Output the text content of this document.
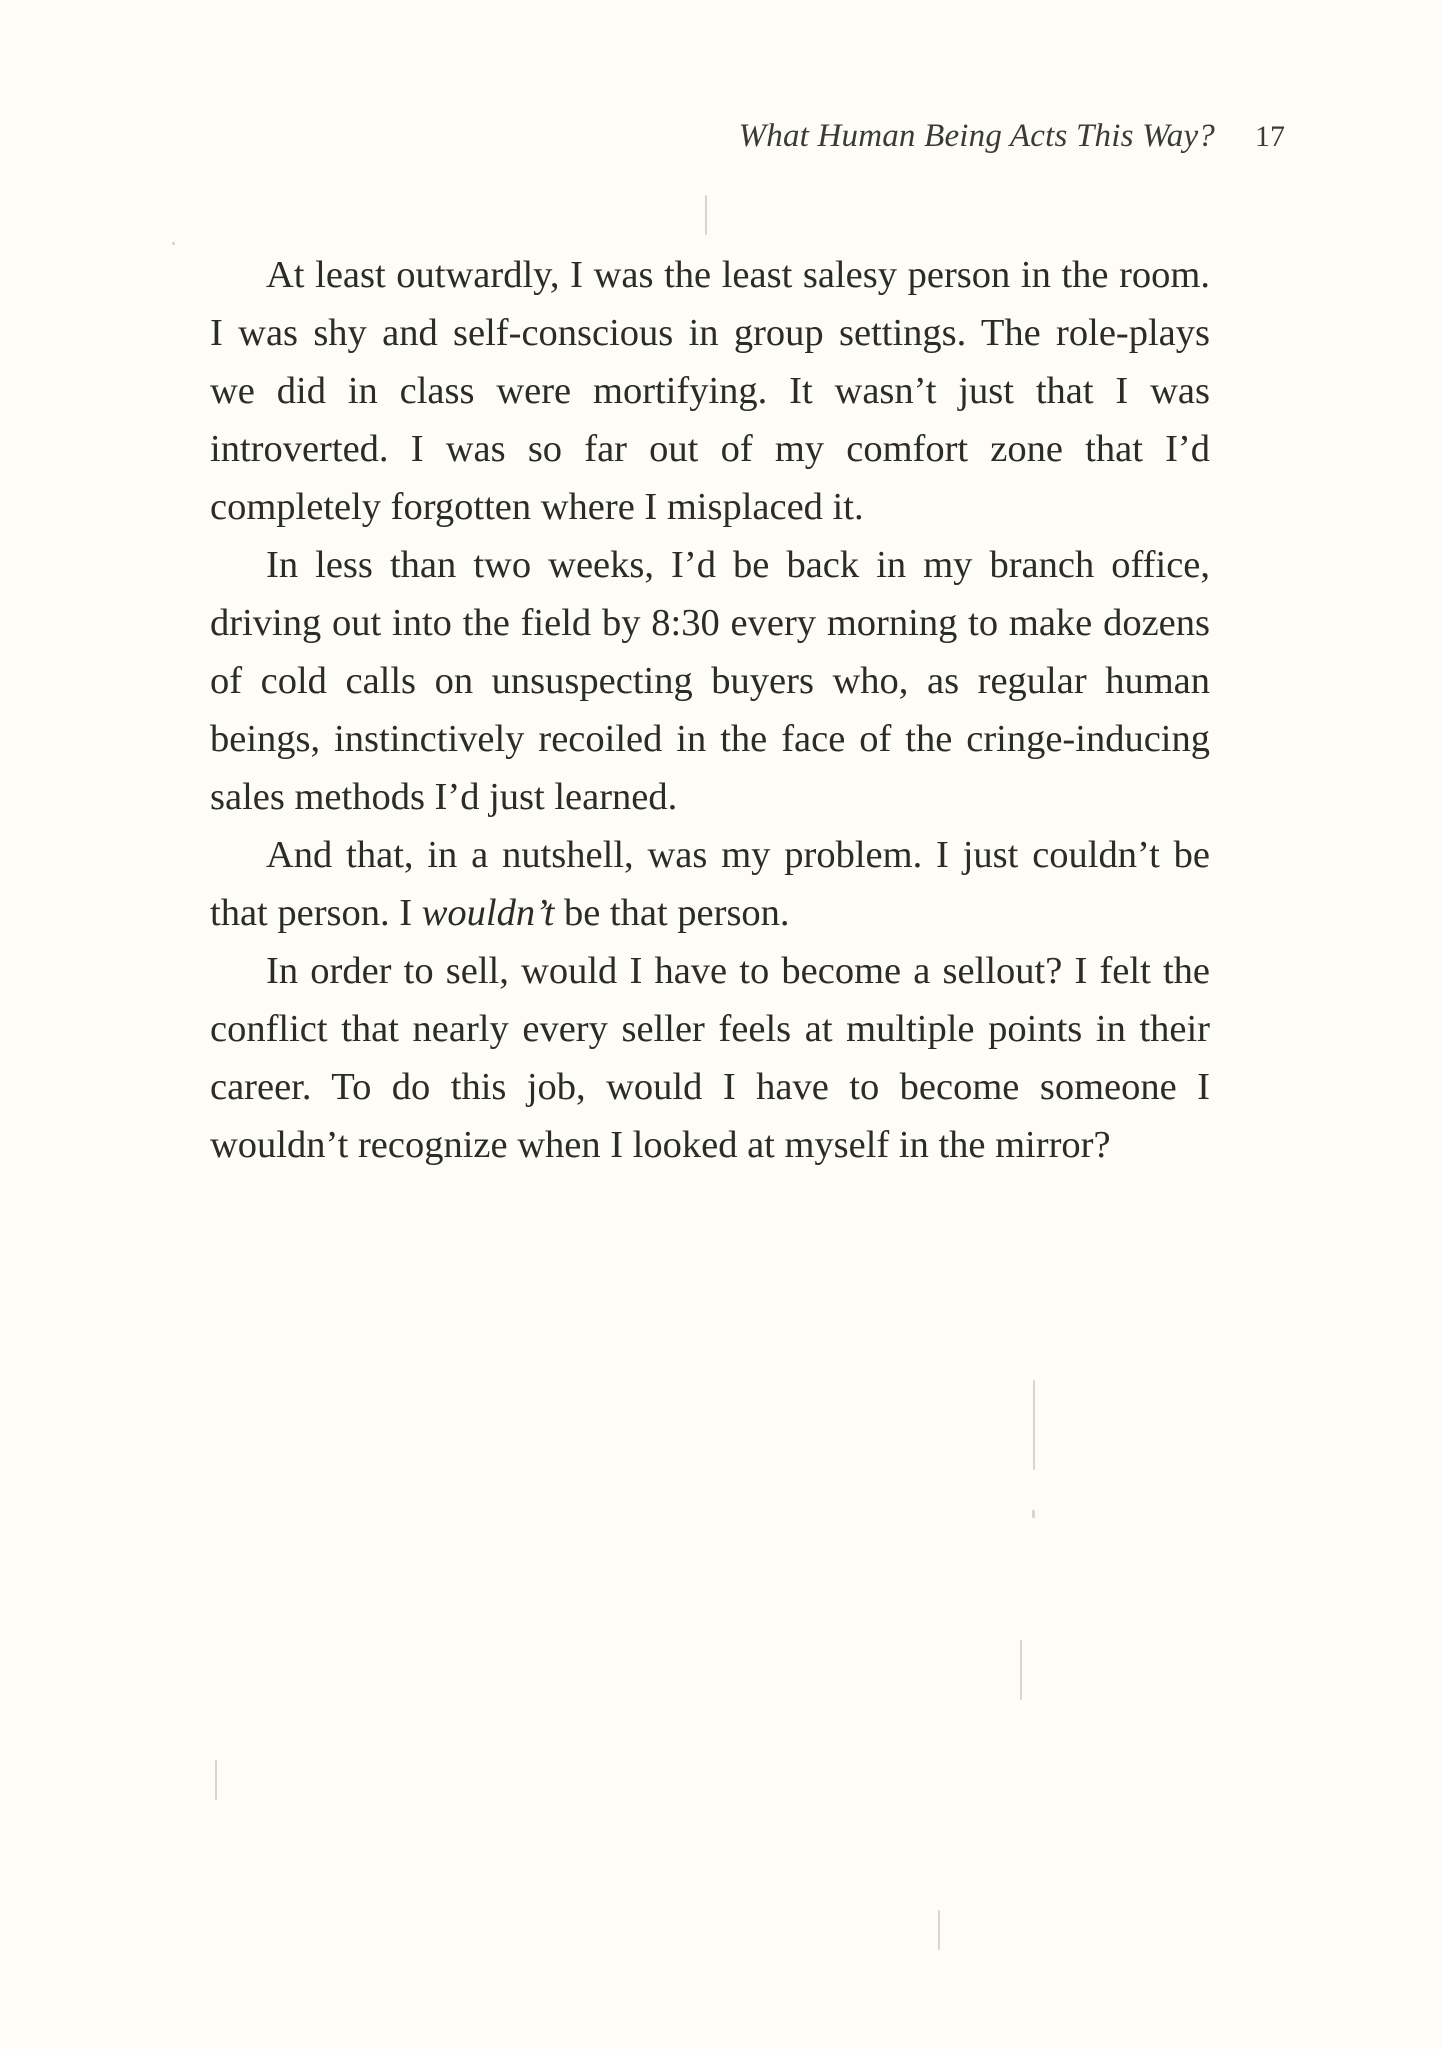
What Human Being Acts This Way? 17

At least outwardly, I was the least salesy person in the room. I was shy and self-conscious in group settings. The role-plays we did in class were mortifying. It wasn’t just that I was introverted. I was so far out of my comfort zone that I’d completely forgotten where I misplaced it.

In less than two weeks, I’d be back in my branch office, driving out into the field by 8:30 every morning to make dozens of cold calls on unsuspecting buyers who, as regular human beings, instinctively recoiled in the face of the cringe-inducing sales methods I’d just learned.

And that, in a nutshell, was my problem. I just couldn’t be that person. I wouldn’t be that person.

In order to sell, would I have to become a sellout? I felt the conflict that nearly every seller feels at multiple points in their career. To do this job, would I have to become someone I wouldn’t recognize when I looked at myself in the mirror?
